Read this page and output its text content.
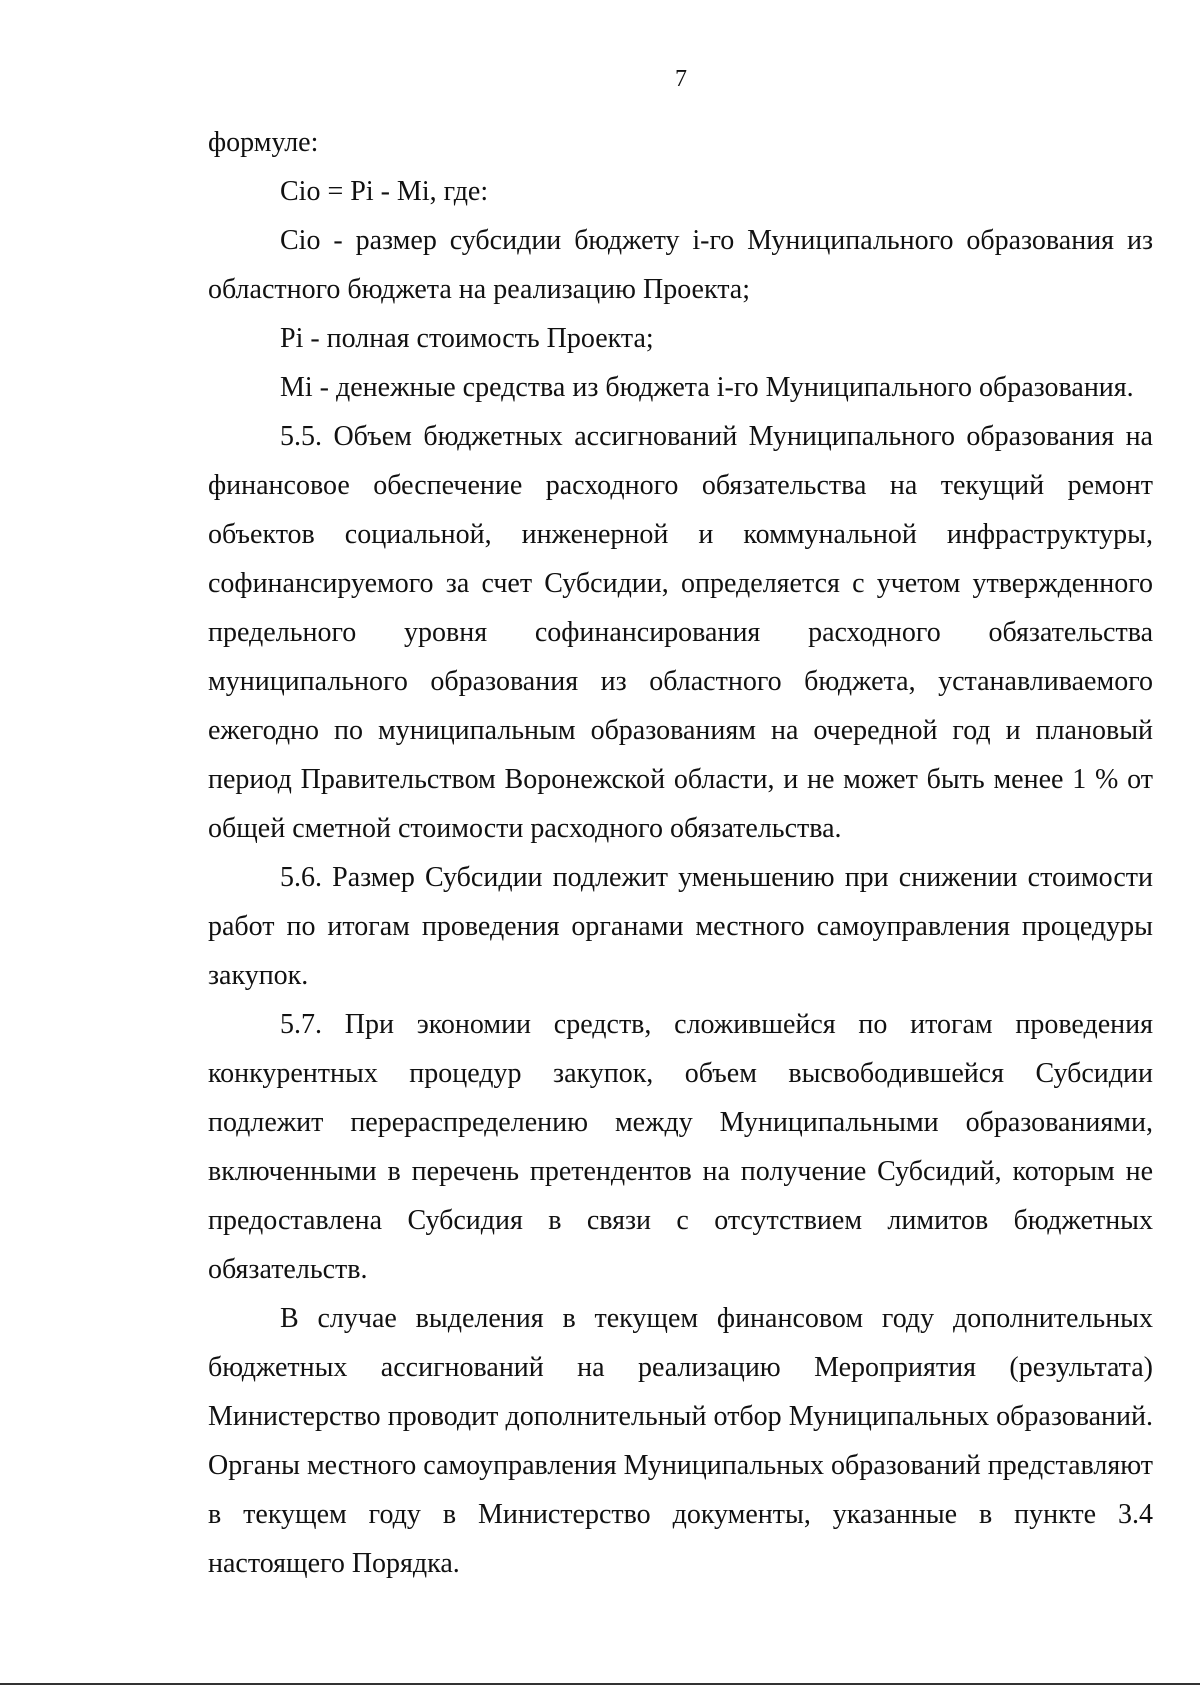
7

формуле:

Cio = Pi - Mi, где:

Cio - размер субсидии бюджету i-го Муниципального образования из областного бюджета на реализацию Проекта;

Pi - полная стоимость Проекта;

Mi - денежные средства из бюджета i-го Муниципального образования.

5.5. Объем бюджетных ассигнований Муниципального образования на финансовое обеспечение расходного обязательства на текущий ремонт объектов социальной, инженерной и коммунальной инфраструктуры, софинансируемого за счет Субсидии, определяется с учетом утвержденного предельного уровня софинансирования расходного обязательства муниципального образования из областного бюджета, устанавливаемого ежегодно по муниципальным образованиям на очередной год и плановый период Правительством Воронежской области, и не может быть менее 1 % от общей сметной стоимости расходного обязательства.

5.6. Размер Субсидии подлежит уменьшению при снижении стоимости работ по итогам проведения органами местного самоуправления процедуры закупок.

5.7. При экономии средств, сложившейся по итогам проведения конкурентных процедур закупок, объем высвободившейся Субсидии подлежит перераспределению между Муниципальными образованиями, включенными в перечень претендентов на получение Субсидий, которым не предоставлена Субсидия в связи с отсутствием лимитов бюджетных обязательств.

В случае выделения в текущем финансовом году дополнительных бюджетных ассигнований на реализацию Мероприятия (результата) Министерство проводит дополнительный отбор Муниципальных образований. Органы местного самоуправления Муниципальных образований представляют в текущем году в Министерство документы, указанные в пункте 3.4 настоящего Порядка.
